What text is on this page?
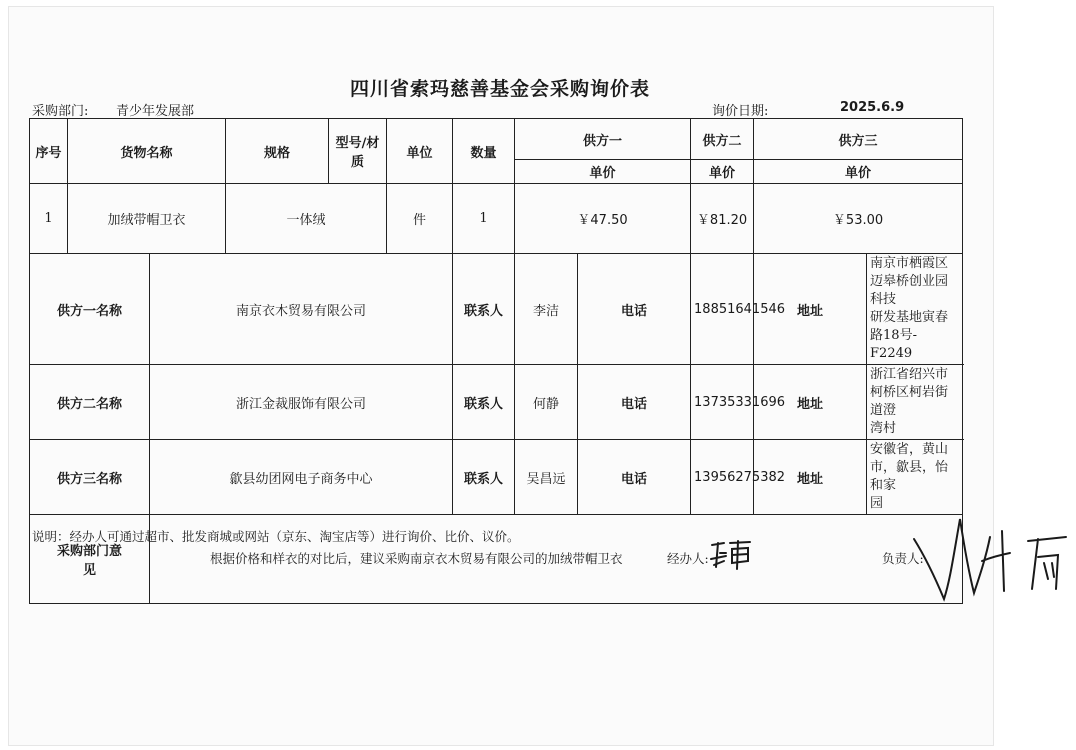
四川省索玛慈善基金会采购询价表
采购部门: 青少年发展部	询价日期:	2025.6.9
序号	货物名称		规格	型号/材质	单位	数量	供方一		供方二	供方三	
							单价		单价	单价		
1	加绒带帽卫衣		一体绒		件	1	￥47.50		￥81.20	￥53.00		
供方一名称		南京衣木贸易有限公司				联系人	李洁	电话	18851641546	地址	南京市栖霞区迈皋桥创业园科技
研发基地寅春路18号-F2249	
供方二名称		浙江金裁服饰有限公司				联系人	何静	电话	13735331696	地址	浙江省绍兴市柯桥区柯岩街道澄
湾村	
供方三名称		歙县幼团网电子商务中心				联系人	吴昌远	电话	13956275382	地址	安徽省，黄山市，歙县，怡和家
园	
采购部门意
见		根据价格和样衣的对比后，建议采购南京衣木贸易有限公司的加绒带帽卫衣 经办人: 负责人:										
说明：经办人可通过超市、批发商城或网站（京东、淘宝店等）进行询价、比价、议价。
